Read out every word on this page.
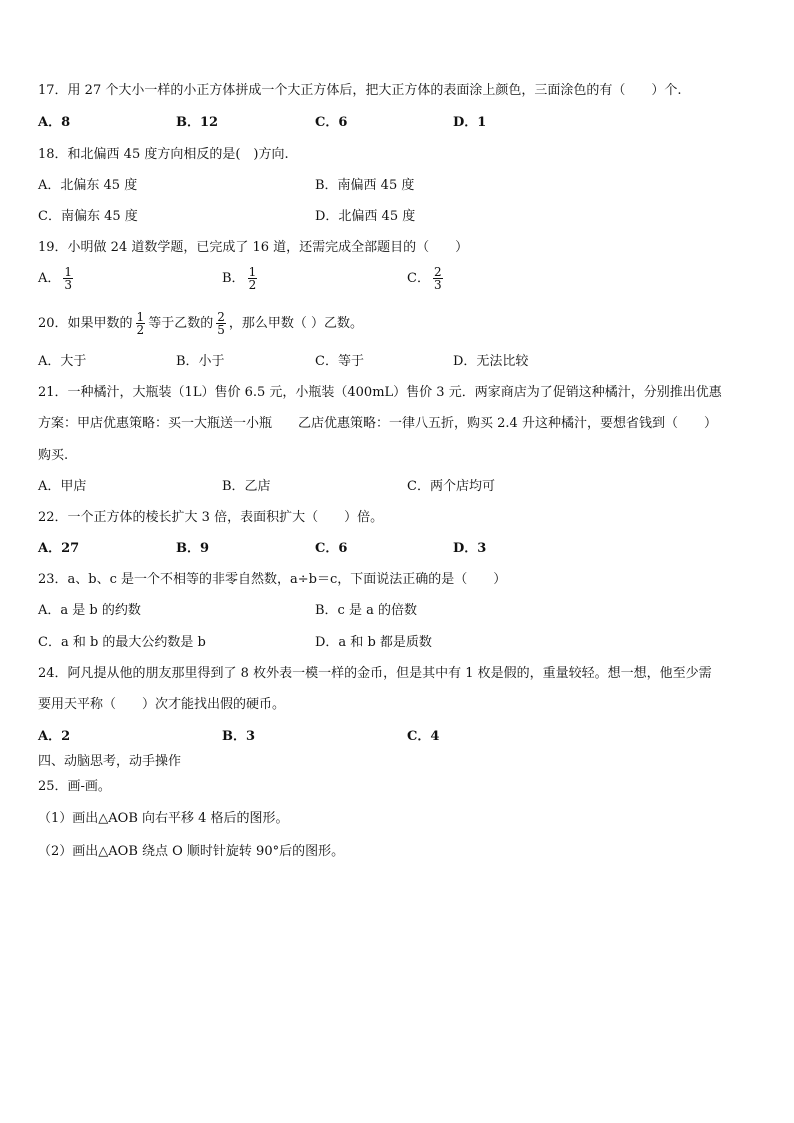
17．用 27 个大小一样的小正方体拼成一个大正方体后，把大正方体的表面涂上颜色，三面涂色的有（　　）个.
A．8	B．12	C．6	D．1
18．和北偏西 45 度方向相反的是(　)方向.
A．北偏东 45 度	B．南偏西 45 度
C．南偏东 45 度	D．北偏西 45 度
19．小明做 24 道数学题，已完成了 16 道，还需完成全部题目的（　　）
A． $\frac{1}{3}$	B． $\frac{1}{2}$	C． $\frac{2}{3}$
20．如果甲数的 $\frac{1}{2}$ 等于乙数的 $\frac{2}{5}$ ，那么甲数（ ）乙数。
A．大于	B．小于	C．等于	D．无法比较
21．一种橘汁，大瓶装（1L）售价 6.5 元，小瓶装（400mL）售价 3 元．两家商店为了促销这种橘汁，分别推出优惠
方案：甲店优惠策略：买一大瓶送一小瓶　　乙店优惠策略：一律八五折，购买 2.4 升这种橘汁，要想省钱到（　　）
购买.
A．甲店	B．乙店	C．两个店均可
22．一个正方体的棱长扩大 3 倍，表面积扩大（　　）倍。
A．27	B．9	C．6	D．3
23．a、b、c 是一个不相等的非零自然数，a÷b＝c，下面说法正确的是（　　）
A．a 是 b 的约数	B．c 是 a 的倍数
C．a 和 b 的最大公约数是 b	D．a 和 b 都是质数
24．阿凡提从他的朋友那里得到了 8 枚外表一模一样的金币，但是其中有 1 枚是假的，重量较轻。想一想，他至少需
要用天平称（　　）次才能找出假的硬币。
A．2	B．3	C．4
四、动脑思考，动手操作
25．画-画。
（1）画出△AOB 向右平移 4 格后的图形。
（2）画出△AOB 绕点 O 顺时针旋转 90°后的图形。
